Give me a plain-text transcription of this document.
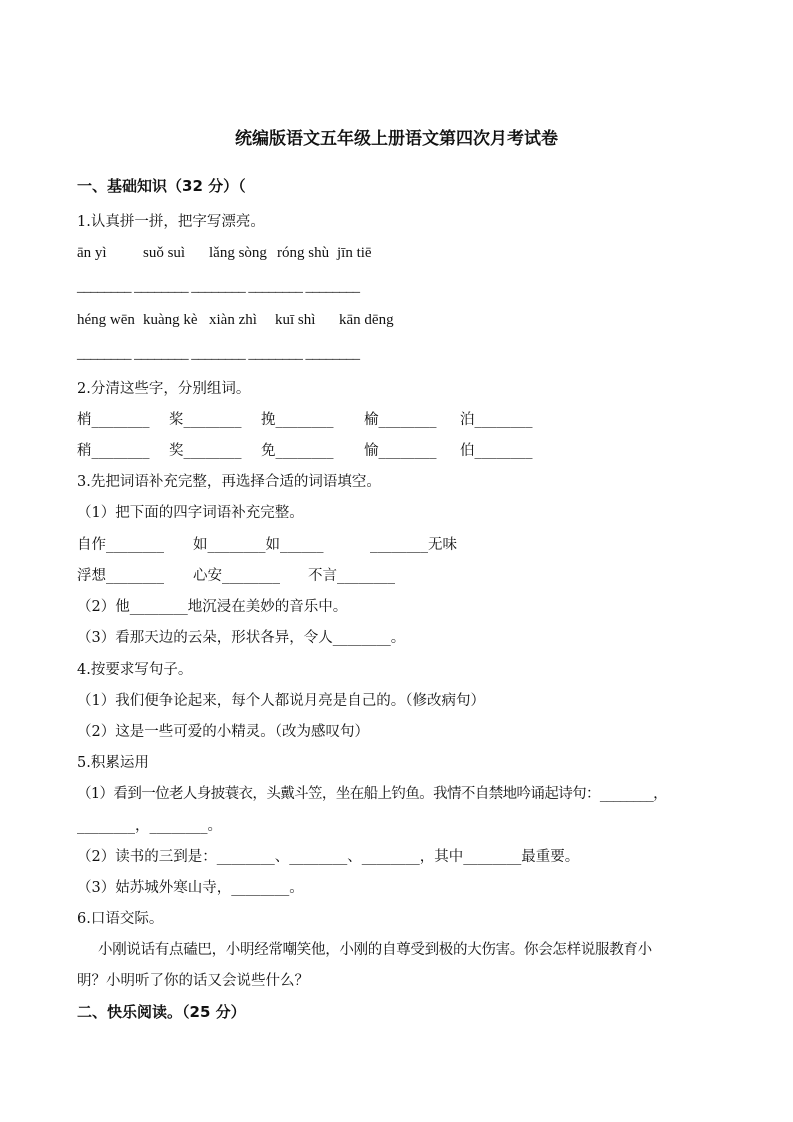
统编版语文五年级上册语文第四次月考试卷
一、基础知识（32 分）（
1.认真拼一拼，把字写漂亮。
ān yì suǒ suì lǎng sòng róng shù jīn tiē
________ ________ ________ ________ ________
héng wēn kuàng kè xiàn zhì kuī shì kān dēng
________ ________ ________ ________ ________
2.分清这些字，分别组词。
梢________ 桨________ 挽________ 榆________ 泊________
稍________ 奖________ 免________ 愉________ 伯________
3.先把词语补充完整，再选择合适的词语填空。
（1）把下面的四字词语补充完整。
自作________ 如________如______	________无味
浮想________ 心安________ 不言________
（2）他________地沉浸在美妙的音乐中。
（3）看那天边的云朵，形状各异，令人________。
4.按要求写句子。
（1）我们便争论起来，每个人都说月亮是自己的。（修改病句）
（2）这是一些可爱的小精灵。（改为感叹句）
5.积累运用
（1）看到一位老人身披蓑衣，头戴斗笠，坐在船上钓鱼。我情不自禁地吟诵起诗句：________，
________，________。
（2）读书的三到是：________、________、________，其中________最重要。
（3）姑苏城外寒山寺，________。
6.口语交际。
小刚说话有点磕巴，小明经常嘲笑他，小刚的自尊受到极的大伤害。你会怎样说服教育小
明？小明听了你的话又会说些什么？
二、快乐阅读。（25 分）
